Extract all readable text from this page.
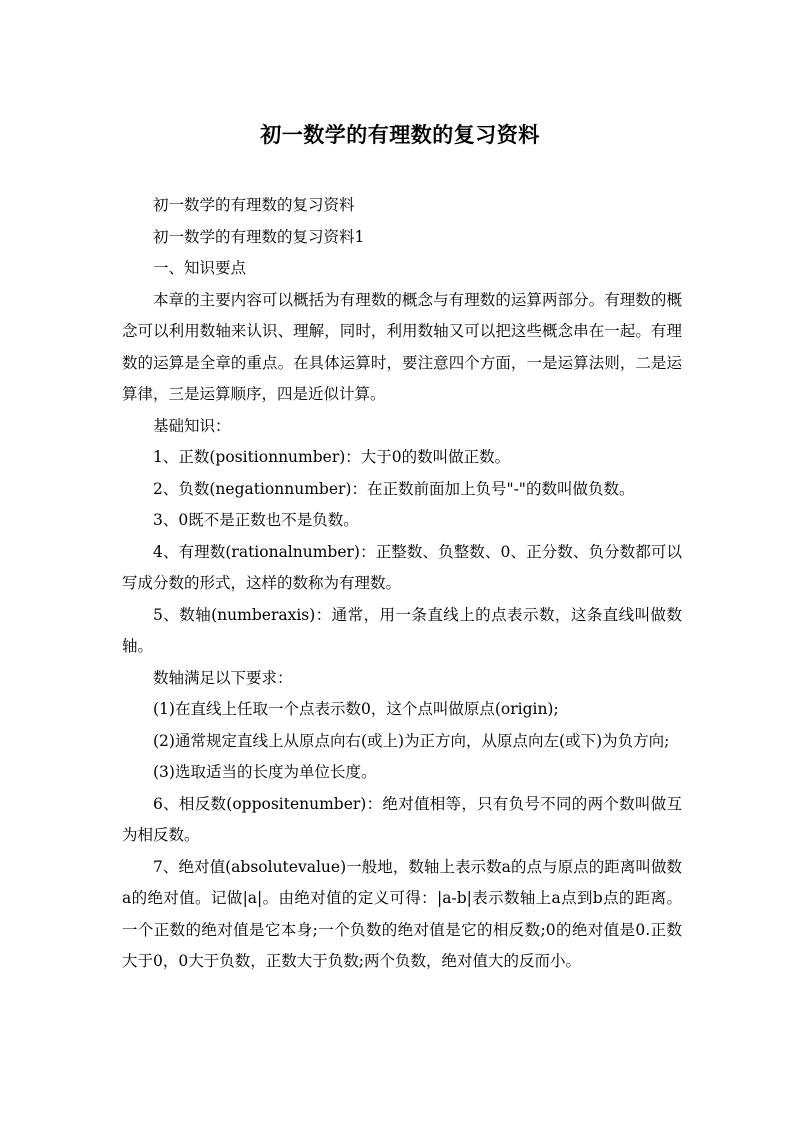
初一数学的有理数的复习资料

初一数学的有理数的复习资料

初一数学的有理数的复习资料1

一、知识要点

本章的主要内容可以概括为有理数的概念与有理数的运算两部分。有理数的概念可以利用数轴来认识、理解，同时，利用数轴又可以把这些概念串在一起。有理数的运算是全章的重点。在具体运算时，要注意四个方面，一是运算法则，二是运算律，三是运算顺序，四是近似计算。

基础知识：

1、正数(positionnumber)：大于0的数叫做正数。

2、负数(negationnumber)：在正数前面加上负号"-"的数叫做负数。

3、0既不是正数也不是负数。

4、有理数(rationalnumber)：正整数、负整数、0、正分数、负分数都可以写成分数的形式，这样的数称为有理数。

5、数轴(numberaxis)：通常，用一条直线上的点表示数，这条直线叫做数轴。

数轴满足以下要求：

(1)在直线上任取一个点表示数0，这个点叫做原点(origin);

(2)通常规定直线上从原点向右(或上)为正方向，从原点向左(或下)为负方向;

(3)选取适当的长度为单位长度。

6、相反数(oppositenumber)：绝对值相等，只有负号不同的两个数叫做互为相反数。

7、绝对值(absolutevalue)一般地，数轴上表示数a的点与原点的距离叫做数a的绝对值。记做|a|。由绝对值的定义可得：|a-b|表示数轴上a点到b点的距离。一个正数的绝对值是它本身;一个负数的绝对值是它的相反数;0的绝对值是0.正数大于0，0大于负数，正数大于负数;两个负数，绝对值大的反而小。
